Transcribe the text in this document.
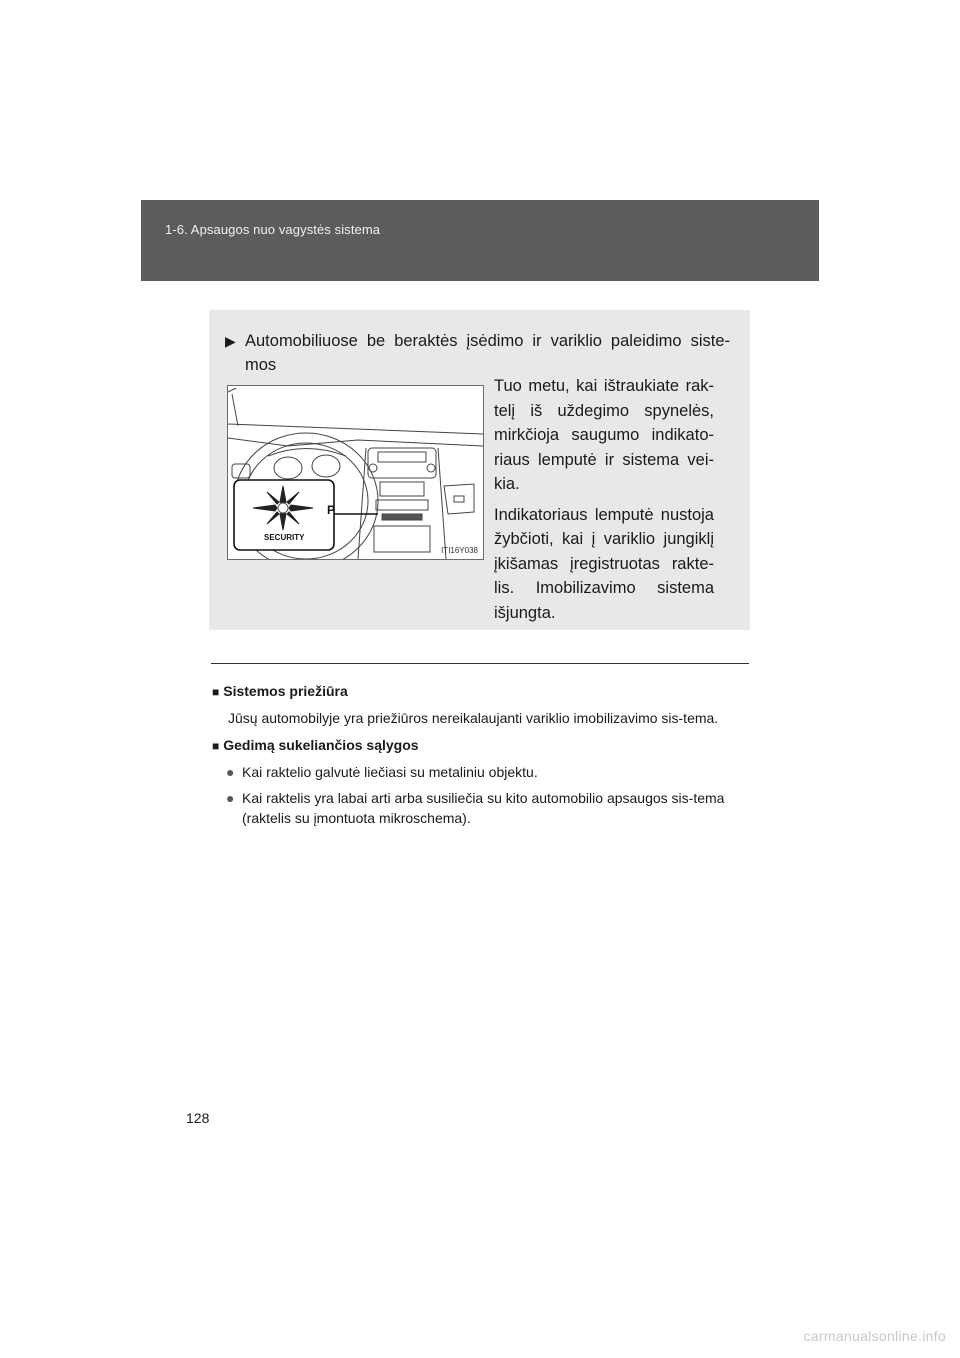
1-6. Apsaugos nuo vagystės sistema
▶ Automobiliuose be beraktės įsėdimo ir variklio paleidimo siste-mos
P
SECURITY
ITI16Y038

Tuo metu, kai ištraukiate rak-telį iš uždegimo spynelės, mirkčioja saugumo indikato-riaus lemputė ir sistema vei-kia.

Indikatoriaus lemputė nustoja žybčioti, kai į variklio jungiklį įkišamas įregistruotas rakte-lis. Imobilizavimo sistema išjungta.

■ Sistemos priežiūra
Jūsų automobilyje yra priežiūros nereikalaujanti variklio imobilizavimo sis-tema.
■ Gedimą sukeliančios sąlygos
● Kai raktelio galvutė liečiasi su metaliniu objektu.
● Kai raktelis yra labai arti arba susiliečia su kito automobilio apsaugos sis-tema (raktelis su įmontuota mikroschema).
128
carmanualsonline.info
